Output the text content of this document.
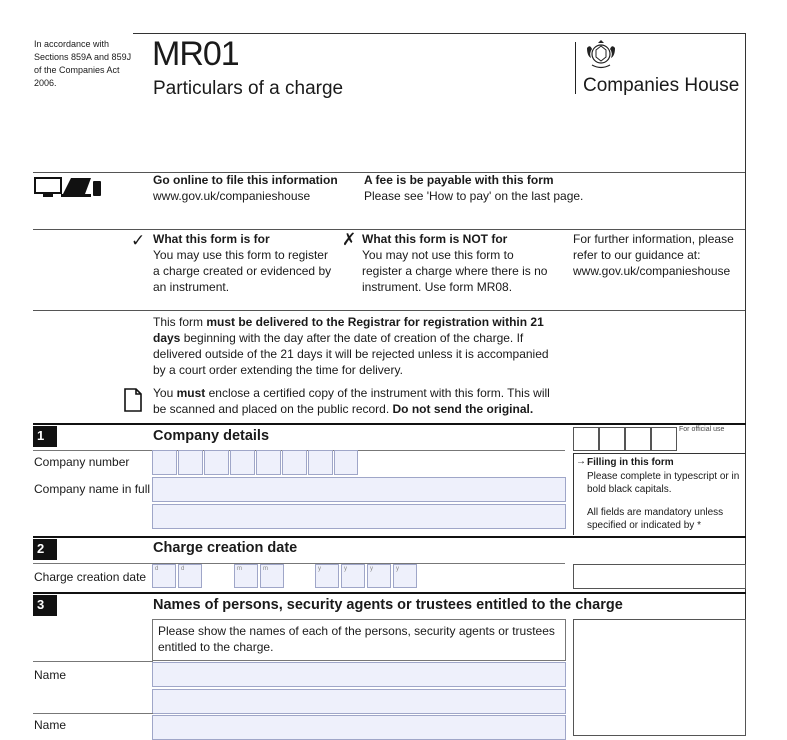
In accordance with Sections 859A and 859J of the Companies Act 2006.
MR01
Particulars of a charge	Companies House
Go online to file this information
www.gov.uk/companieshouse
A fee is be payable with this form
Please see 'How to pay' on the last page.
✓ What this form is for
You may use this form to register a charge created or evidenced by an instrument.
✗ What this form is NOT for
You may not use this form to register a charge where there is no instrument. Use form MR08.
For further information, please refer to our guidance at: www.gov.uk/companieshouse
This form must be delivered to the Registrar for registration within 21 days beginning with the day after the date of creation of the charge. If delivered outside of the 21 days it will be rejected unless it is accompanied by a court order extending the time for delivery.
You must enclose a certified copy of the instrument with this form. This will be scanned and placed on the public record. Do not send the original.
1	Company details	For official use
Company number
Company name in full
→ Filling in this form
Please complete in typescript or in bold black capitals.
All fields are mandatory unless specified or indicated by *
2	Charge creation date
Charge creation date
d	d	m	m	y	y	y	y
3	Names of persons, security agents or trustees entitled to the charge
Please show the names of each of the persons, security agents or trustees entitled to the charge.
Name
Name
